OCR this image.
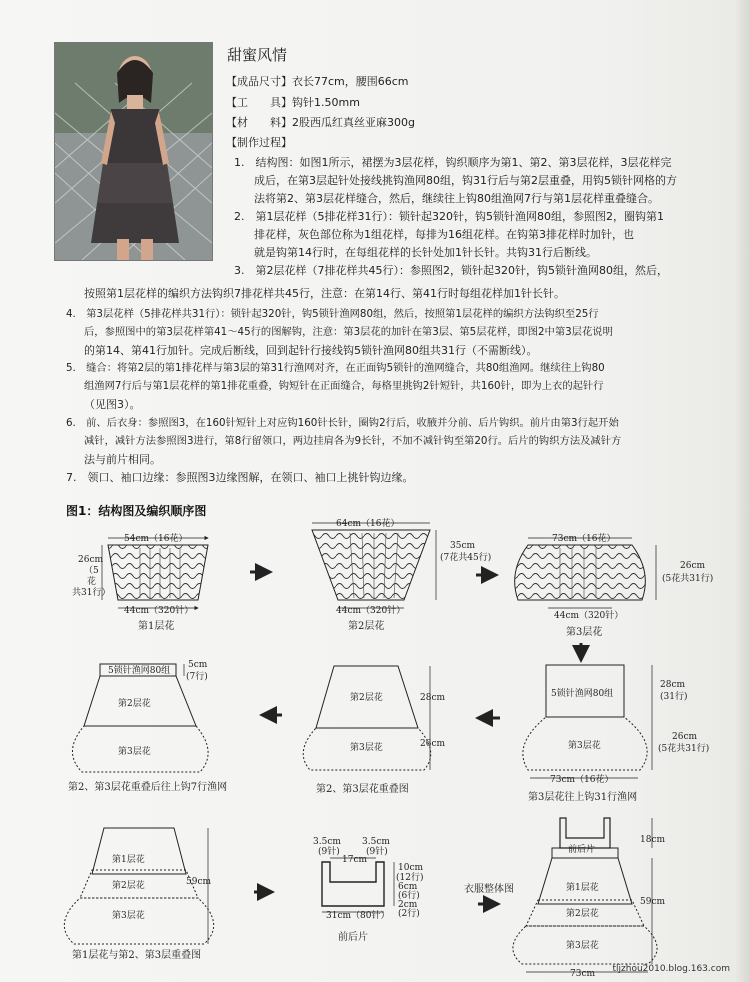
甜蜜风情
【成品尺寸】衣长77cm，腰围66cm
【工　　具】钩针1.50mm
【材　　料】2股西瓜红真丝亚麻300g
【制作过程】
1.　结构图：如图1所示，裙摆为3层花样，钩织顺序为第1、第2、第3层花样，3层花样完
成后，在第3层起针处接线挑钩渔网80组，钩31行后与第2层重叠，用钩5锁针网格的方
法将第2、第3层花样缝合，然后，继续往上钩80组渔网7行与第1层花样重叠缝合。
2.　第1层花样（5排花样31行）：锁针起320针，钩5锁针渔网80组，参照图2，圈钩第1
排花样，灰色部位称为1组花样，每排为16组花样。在钩第3排花样时加针，也
就是钩第14行时，在每组花样的长针处加1针长针。共钩31行后断线。
3.　第2层花样（7排花样共45行）：参照图2，锁针起320针，钩5锁针渔网80组，然后，
按照第1层花样的编织方法钩织7排花样共45行，注意：在第14行、第41行时每组花样加1针长针。
4.　第3层花样（5排花样共31行）：锁针起320针，钩5锁针渔网80组，然后，按照第1层花样的编织方法钩织至25行
后，参照图中的第3层花样第41～45行的图解钩，注意：第3层花的加针在第3层、第5层花样，即图2中第3层花说明
的第14、第41行加针。完成后断线，回到起针行接线钩5锁针渔网80组共31行（不需断线）。
5.　缝合：将第2层的第1排花样与第3层的第31行渔网对齐，在正面钩5锁针的渔网缝合，共80组渔网。继续往上钩80
组渔网7行后与第1层花样的第1排花重叠，钩短针在正面缝合，每格里挑钩2针短针，共160针，即为上衣的起针行
（见图3）。
6.　前、后衣身：参照图3，在160针短针上对应钩160针长针，圈钩2行后，收腋并分前、后片钩织。前片由第3行起开始
减针，减针方法参照图3进行，第8行留领口，两边挂肩各为9长针，不加不减针钩至第20行。后片的钩织方法及减针方
法与前片相同。
7.　领口、袖口边缘：参照图3边缘图解，在领口、袖口上挑针钩边缘。
图1：结构图及编织顺序图
54cm（16花）
26cm
（5
花
共31行）
44cm（320针）
第1层花
64cm（16花）
44cm（320针）
第2层花
35cm
(7花共45行)
73cm（16花）
26cm
(5花共31行)
44cm（320针）
第3层花
5锁针渔网80组
第3层花
28cm
(31行)
26cm
(5花共31行)
73cm（16花）
第3层花往上钩31行渔网
第2层花
第3层花
28cm
26cm
第2、第3层花重叠图
5锁针渔网80组
5cm
(7行)
第2层花
第3层花
第2、第3层花重叠后往上钩7行渔网
第1层花
第2层花
第3层花
59cm
第1层花与第2、第3层重叠图
3.5cm
(9针)
3.5cm
(9针)
17cm
10cm
(12行)
6cm
(6行)
2cm
(2行)
31cm（80针）
前后片
衣服整体图
前后片
18cm
59cm
第1层花
第2层花
第3层花
73cm tljzhou2010.blog.163.com
